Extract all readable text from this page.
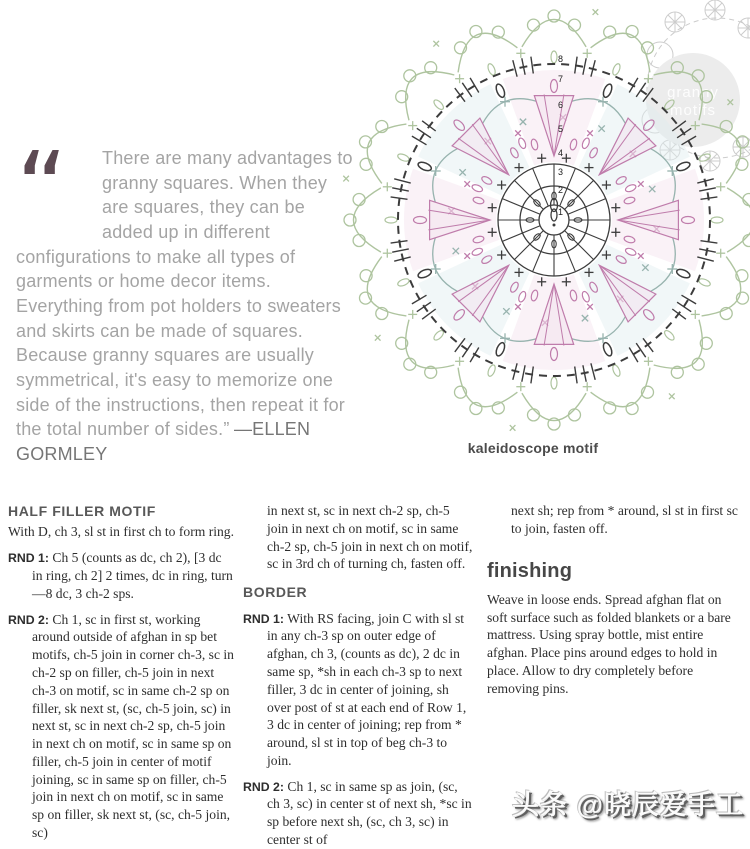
granny
motifs
“	There are many advantages to granny squares. When they are squares, they can be added up in different configurations to make all types of garments or home decor items. Everything from pot holders to sweaters and skirts can be made of squares. Because granny squares are usually symmetrical, it's easy to memorize one side of the instructions, then repeat it for the total number of sides.” —ELLEN GORMLEY
1
2
3
4
5
6
7
8
kaleidoscope motif
HALF FILLER MOTIF

With D, ch 3, sl st in first ch to form ring.

RND 1: Ch 5 (counts as dc, ch 2), [3 dc in ring, ch 2] 2 times, dc in ring, turn—8 dc, 3 ch-2 sps.

RND 2: Ch 1, sc in first st, working around outside of afghan in sp bet motifs, ch-5 join in corner ch-3, sc in ch-2 sp on filler, ch-5 join in next ch-3 on motif, sc in same ch-2 sp on filler, sk next st, (sc, ch-5 join, sc) in next st, sc in next ch-2 sp, ch-5 join in next ch on motif, sc in same sp on filler, ch-5 join in center of motif joining, sc in same sp on filler, ch-5 join in next ch on motif, sc in same sp on filler, sk next st, (sc, ch-5 join, sc)

in next st, sc in next ch-2 sp, ch-5 join in next ch on motif, sc in same ch-2 sp, ch-5 join in next ch on motif, sc in 3rd ch of turning ch, fasten off.

BORDER

RND 1: With RS facing, join C with sl st in any ch-3 sp on outer edge of afghan, ch 3, (counts as dc), 2 dc in same sp, *sh in each ch-3 sp to next filler, 3 dc in center of joining, sh over post of st at each end of Row 1, 3 dc in center of joining; rep from * around, sl st in top of beg ch-3 to join.

RND 2: Ch 1, sc in same sp as join, (sc, ch 3, sc) in center st of next sh, *sc in sp before next sh, (sc, ch 3, sc) in center st of

next sh; rep from * around, sl st in first sc to join, fasten off.

finishing

Weave in loose ends. Spread afghan flat on soft surface such as folded blankets or a bare mattress. Using spray bottle, mist entire afghan. Place pins around edges to hold in place. Allow to dry completely before removing pins.

头条 @晓辰爱手工
